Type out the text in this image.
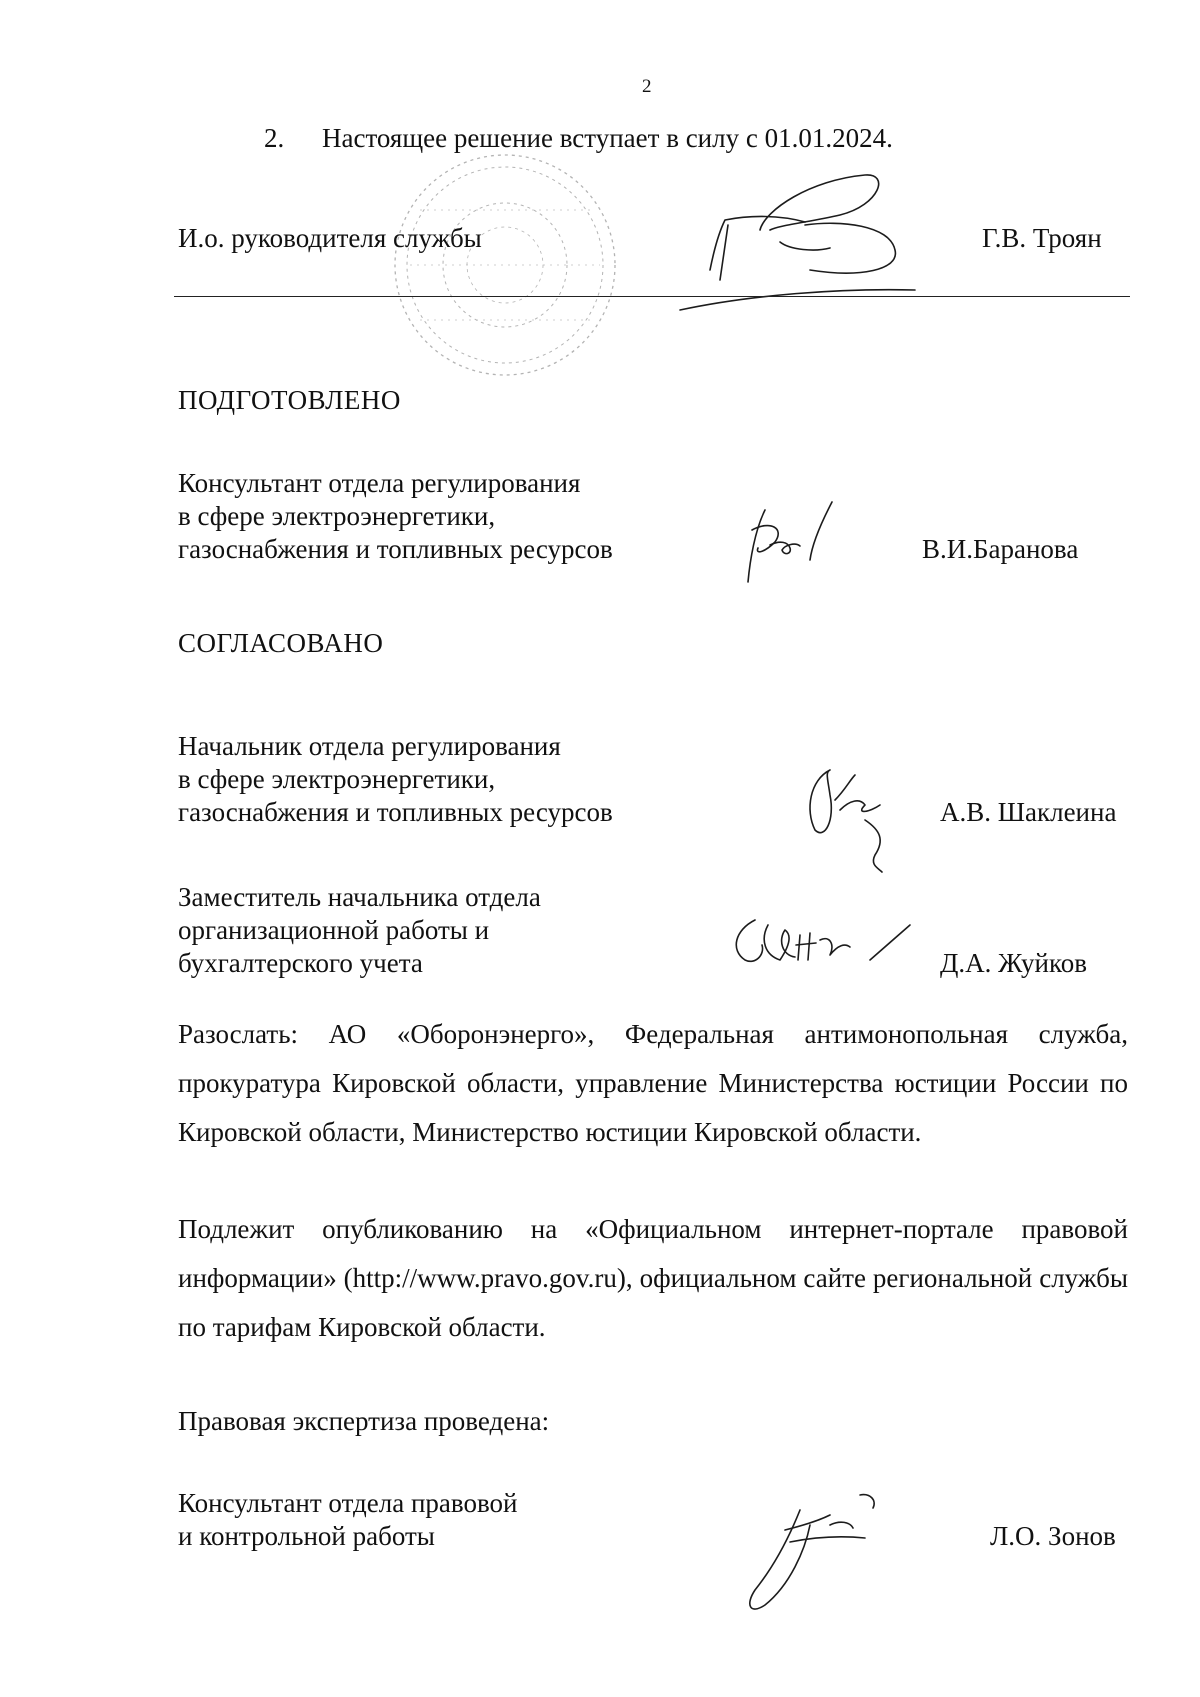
2
2. Настоящее решение вступает в силу с 01.01.2024.
И.о. руководителя службы	Г.В. Троян
ПОДГОТОВЛЕНО
Консультант отдела регулирования
в сфере электроэнергетики,
газоснабжения и топливных ресурсов	В.И.Баранова
СОГЛАСОВАНО
Начальник отдела регулирования
в сфере электроэнергетики,
газоснабжения и топливных ресурсов	А.В. Шаклеина
Заместитель начальника отдела
организационной работы и
бухгалтерского учета	Д.А. Жуйков
Разослать: АО «Оборонэнерго», Федеральная антимонопольная служба, прокуратура Кировской области, управление Министерства юстиции России по Кировской области, Министерство юстиции Кировской области.
Подлежит опубликованию на «Официальном интернет-портале правовой информации» (http://www.pravo.gov.ru), официальном сайте региональной службы по тарифам Кировской области.
Правовая экспертиза проведена:
Консультант отдела правовой
и контрольной работы	Л.О. Зонов
